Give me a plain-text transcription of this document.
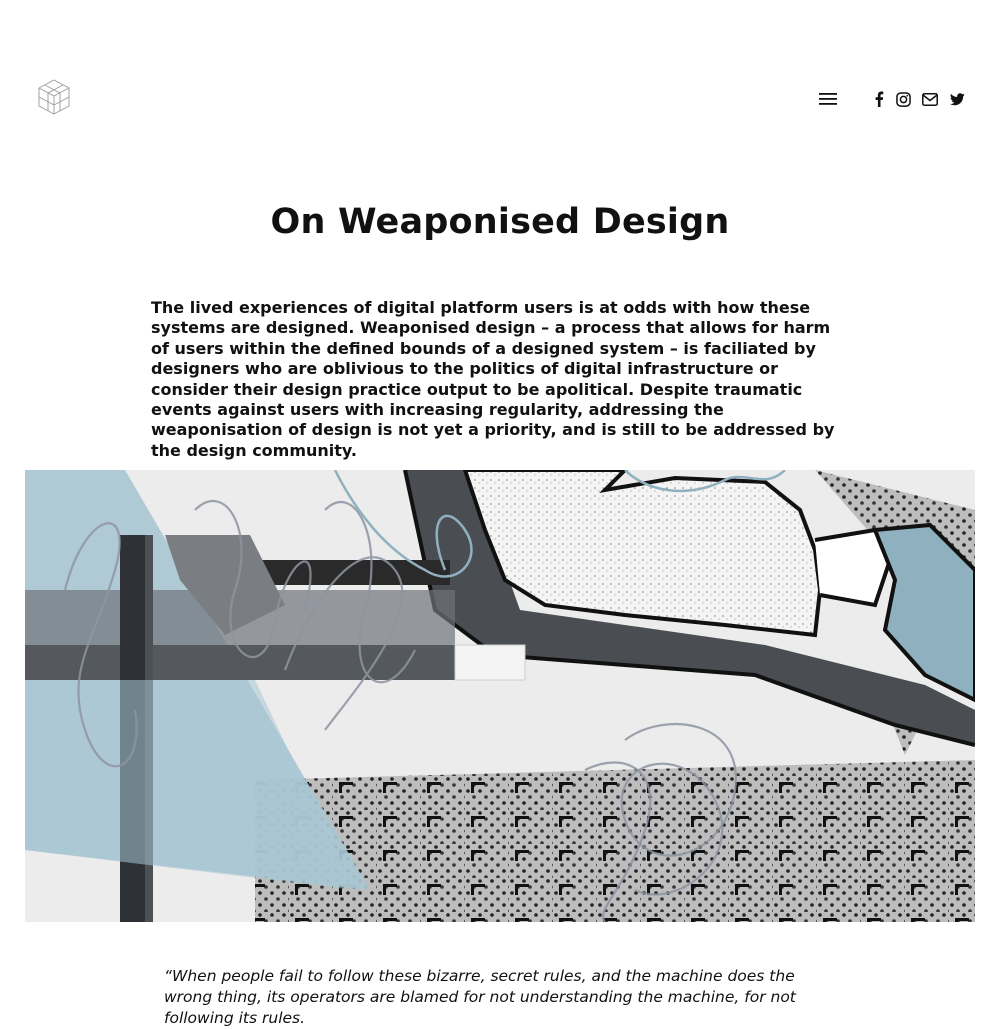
On Weaponised Design

The lived experiences of digital platform users is at odds with how these systems are designed. Weaponised design – a process that allows for harm of users within the defined bounds of a designed system – is faciliated by designers who are oblivious to the politics of digital infrastructure or consider their design practice output to be apolitical. Despite traumatic events against users with increasing regularity, addressing the weaponisation of design is not yet a priority, and is still to be addressed by the design community.

“When people fail to follow these bizarre, secret rules, and the machine does the wrong thing, its operators are blamed for not understanding the machine, for not following its rules.
